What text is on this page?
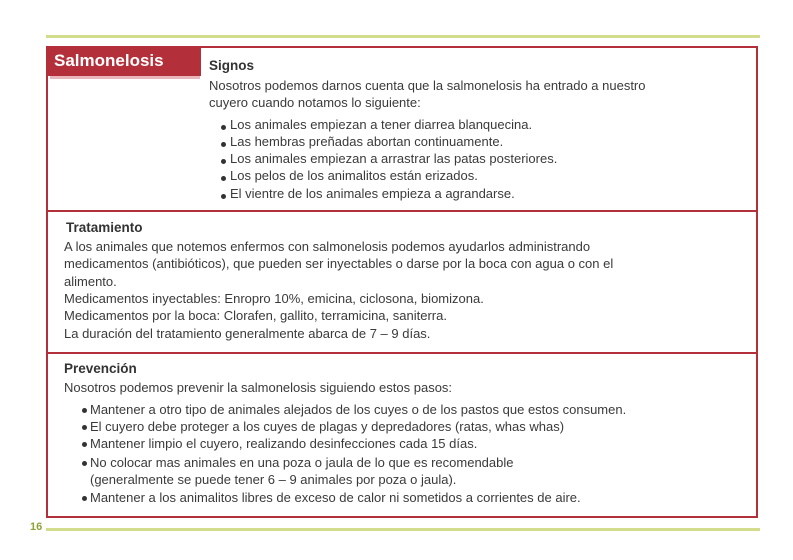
Salmonelosis	Signos
Nosotros podemos darnos cuenta que la salmonelosis ha entrado a nuestro
cuyero cuando notamos lo siguiente:
Los animales empiezan a tener diarrea blanquecina.
Las hembras preñadas abortan continuamente.
Los animales empiezan a arrastrar las patas posteriores.
Los pelos de los animalitos están erizados.
El vientre de los animales empieza a agrandarse.
Tratamiento
A los animales que notemos enfermos con salmonelosis podemos ayudarlos administrando
medicamentos (antibióticos), que pueden ser inyectables o darse por la boca con agua o con el
alimento.
Medicamentos inyectables: Enropro 10%, emicina, ciclosona, biomizona.
Medicamentos por la boca: Clorafen, gallito, terramicina, saniterra.
La duración del tratamiento generalmente abarca de 7 – 9 días.
Prevención
Nosotros podemos prevenir la salmonelosis siguiendo estos pasos:
Mantener a otro tipo de animales alejados de los cuyes o de los pastos que estos consumen.
El cuyero debe proteger a los cuyes de plagas y depredadores (ratas, whas whas)
Mantener limpio el cuyero, realizando desinfecciones cada 15 días.
No colocar mas animales en una poza o jaula de lo que es recomendable
(generalmente se puede tener 6 – 9 animales por poza o jaula).
Mantener a los animalitos libres de exceso de calor ni sometidos a corrientes de aire.
16
